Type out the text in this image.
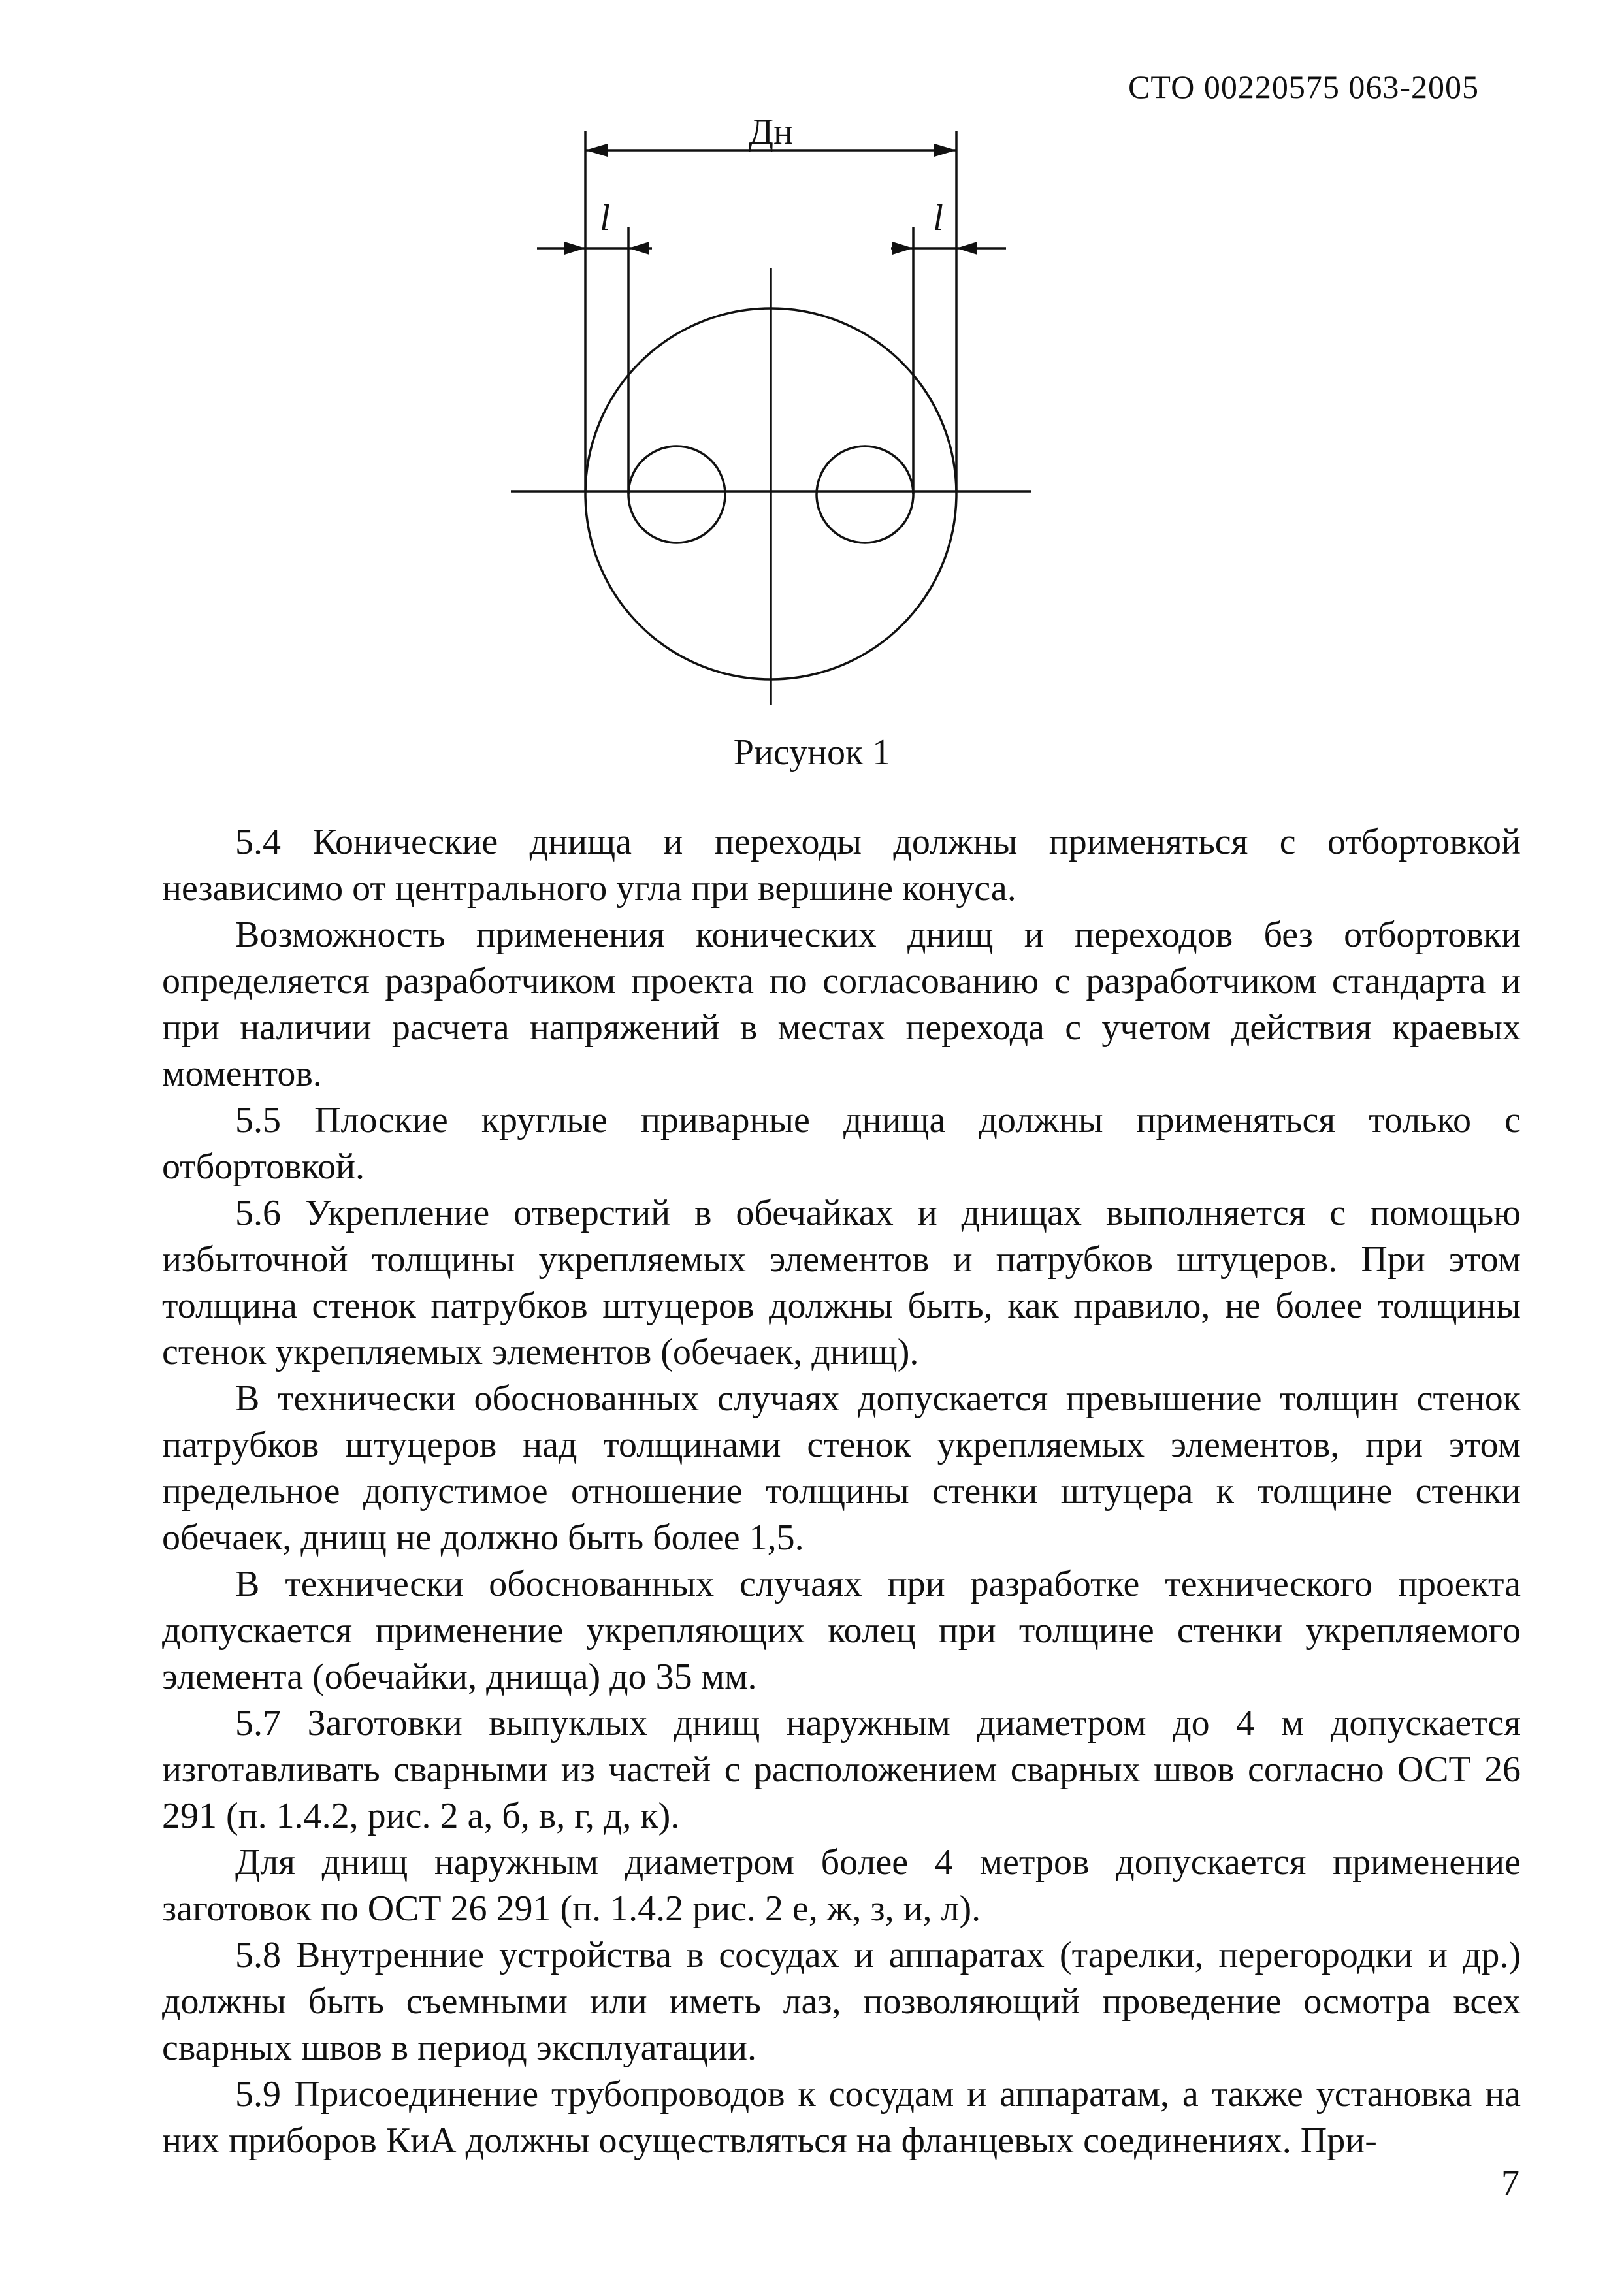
СТО 00220575 063-2005
Дн
l	l
Рисунок 1

5.4 Конические днища и переходы должны применяться с отбортовкой независимо от центрального угла при вершине конуса.

Возможность применения конических днищ и переходов без отбортовки определяется разработчиком проекта по согласованию с разработчиком стандарта и при наличии расчета напряжений в местах перехода с учетом действия краевых моментов.

5.5 Плоские круглые приварные днища должны применяться только с отбортовкой.

5.6 Укрепление отверстий в обечайках и днищах выполняется с помощью избыточной толщины укрепляемых элементов и патрубков штуцеров. При этом толщина стенок патрубков штуцеров должны быть, как правило, не более толщины стенок укрепляемых элементов (обечаек, днищ).

В технически обоснованных случаях допускается превышение толщин стенок патрубков штуцеров над толщинами стенок укрепляемых элементов, при этом предельное допустимое отношение толщины стенки штуцера к толщине стенки обечаек, днищ не должно быть более 1,5.

В технически обоснованных случаях при разработке технического проекта допускается применение укрепляющих колец при толщине стенки укрепляемого элемента (обечайки, днища) до 35 мм.

5.7 Заготовки выпуклых днищ наружным диаметром до 4 м допускается изготавливать сварными из частей с расположением сварных швов согласно ОСТ 26 291 (п. 1.4.2, рис. 2 а, б, в, г, д, к).

Для днищ наружным диаметром более 4 метров допускается применение заготовок по ОСТ 26 291 (п. 1.4.2 рис. 2 е, ж, з, и, л).

5.8 Внутренние устройства в сосудах и аппаратах (тарелки, перегородки и др.) должны быть съемными или иметь лаз, позволяющий проведение осмотра всех сварных швов в период эксплуатации.

5.9 Присоединение трубопроводов к сосудам и аппаратам, а также установка на них приборов КиА должны осуществляться на фланцевых соединениях. При-

7
